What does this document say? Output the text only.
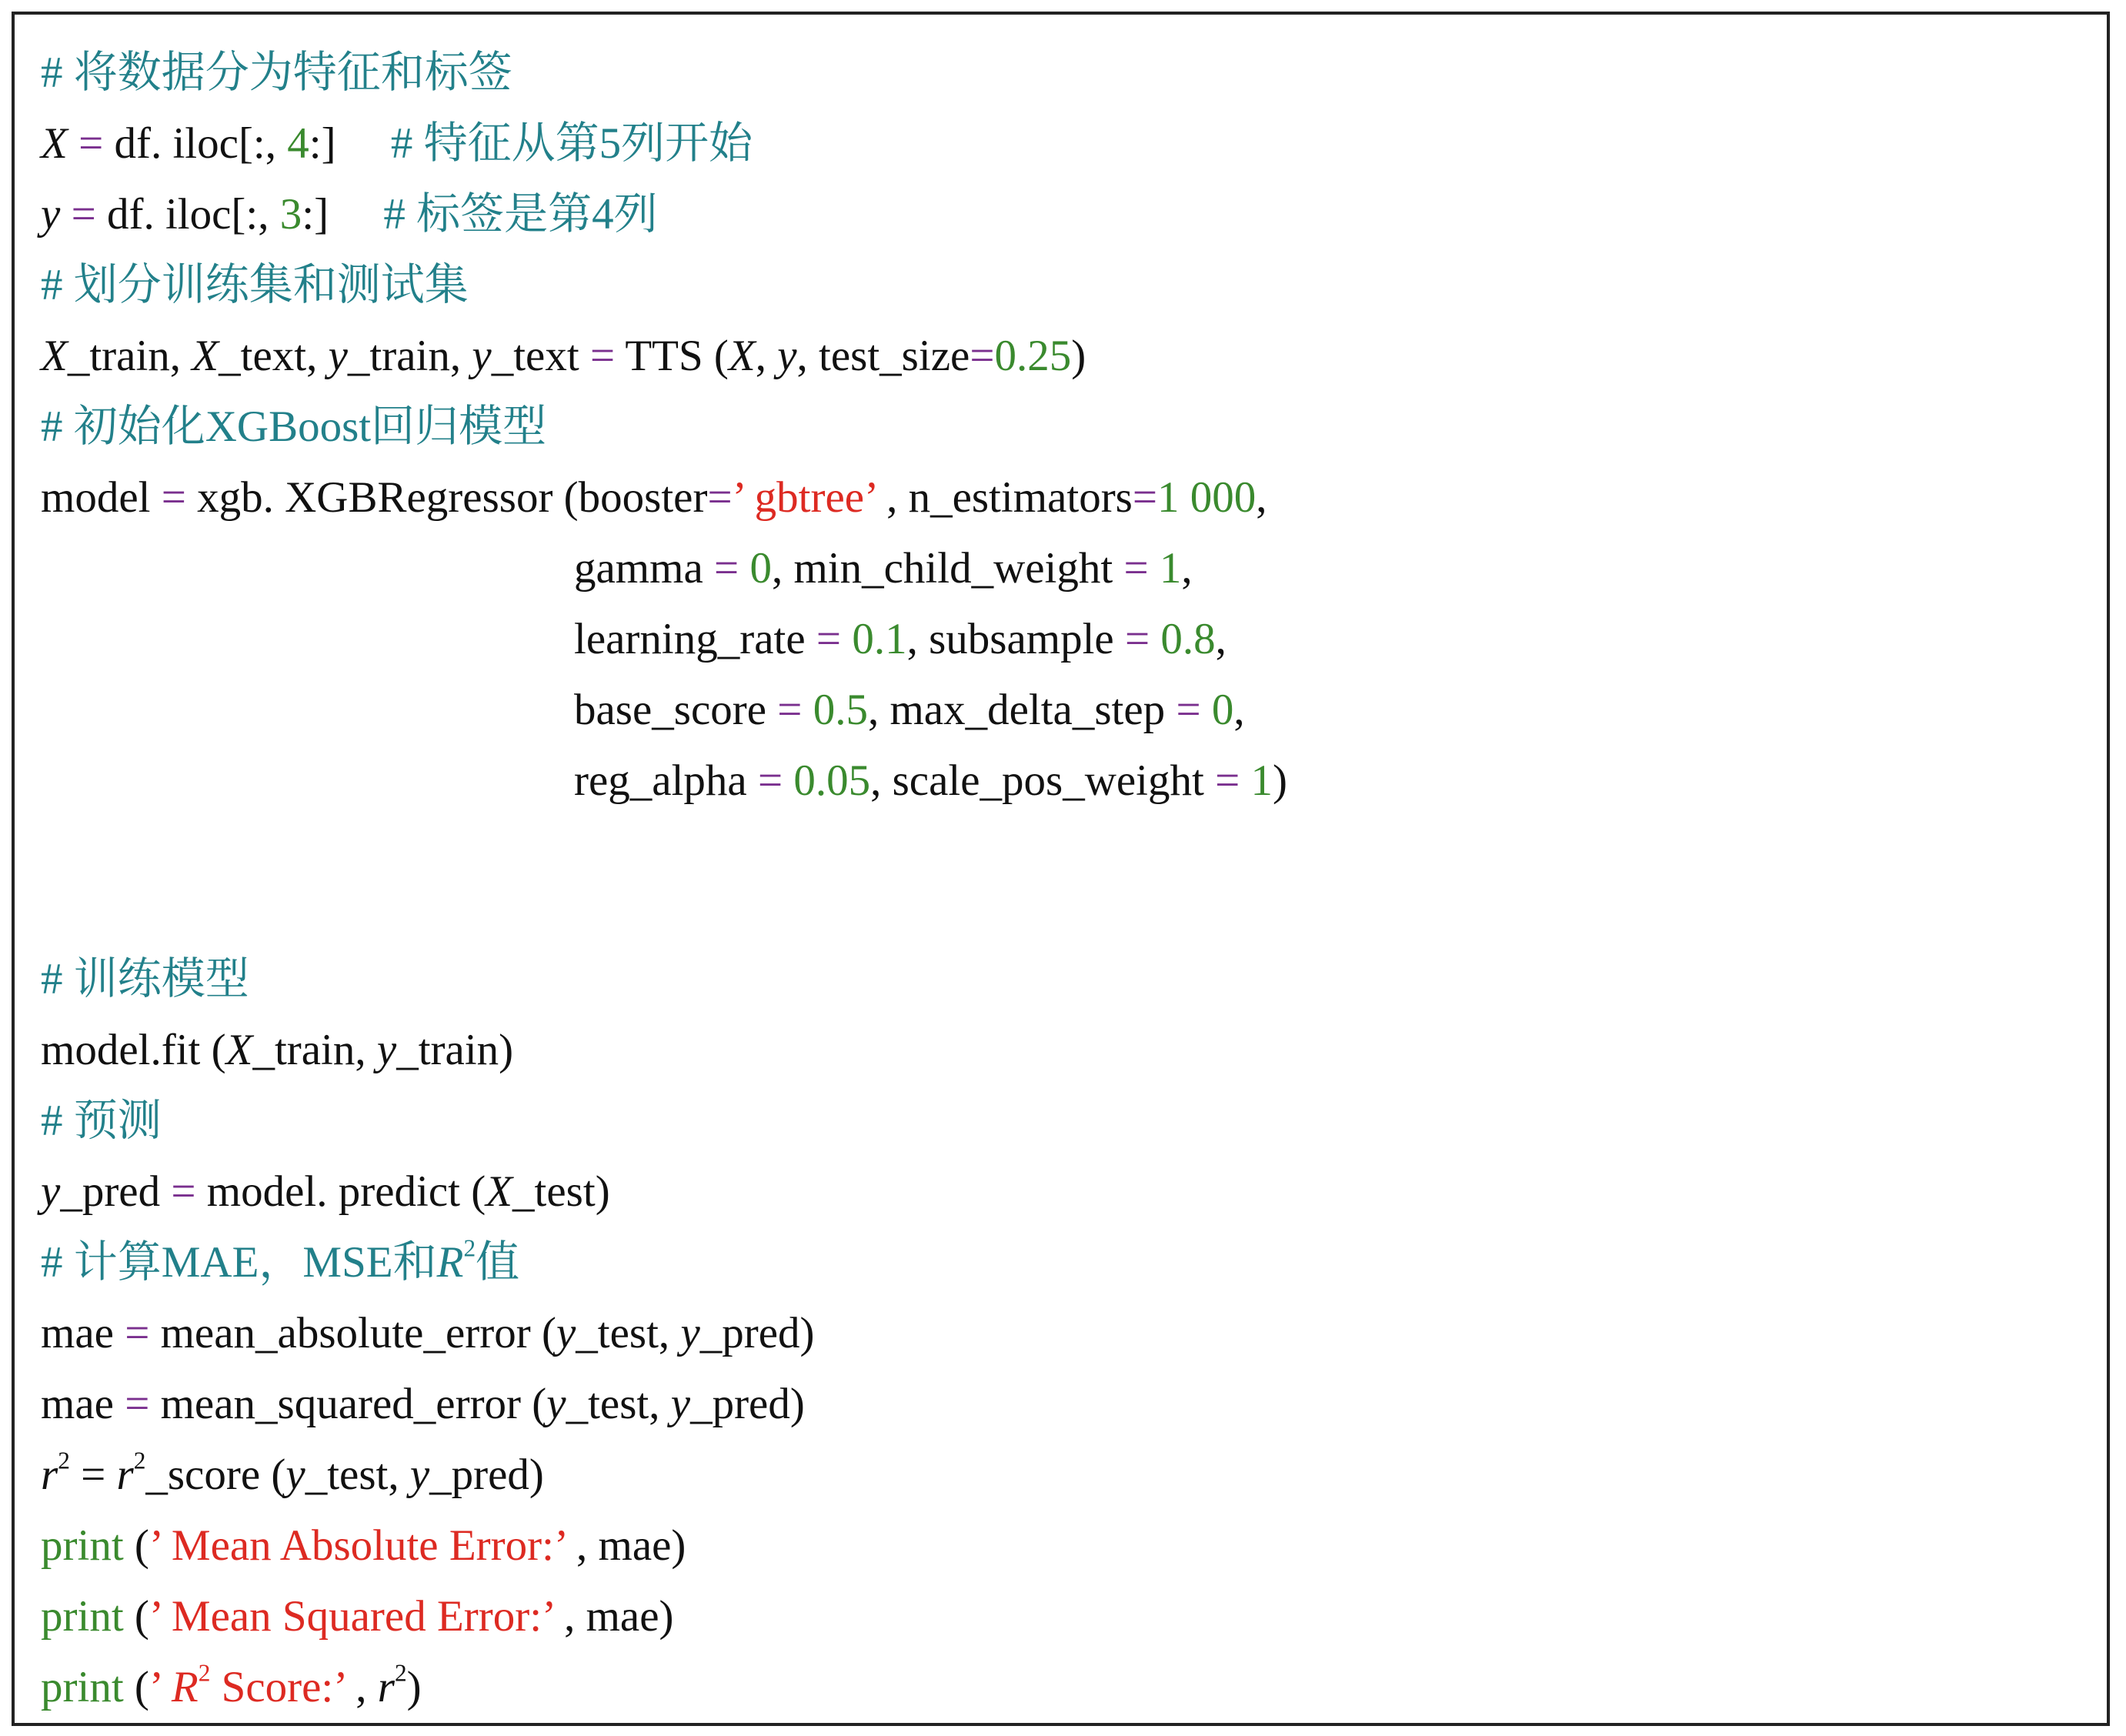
# 将数据分为特征和标签
X = df. iloc[:, 4:] # 特征从第5列开始
y = df. iloc[:, 3:] # 标签是第4列
# 划分训练集和测试集
X_train, X_text, y_train, y_text = TTS (X, y, test_size=0.25)
# 初始化XGBoost回归模型
model = xgb. XGBRegressor (booster=’ gbtree’ , n_estimators=1 000,
gamma = 0, min_child_weight = 1,
learning_rate = 0.1, subsample = 0.8,
base_score = 0.5, max_delta_step = 0,
reg_alpha = 0.05, scale_pos_weight = 1)
# 训练模型
model.fit (X_train, y_train)
# 预测
y_pred = model. predict (X_test)
# 计算MAE，MSE和$R^2$值
mae = mean_absolute_error (y_test, y_pred)
mae = mean_squared_error (y_test, y_pred)
$r^2$ = $r^2\_score$ (y_test, y_pred)
print (’ Mean Absolute Error:’ , mae)
print (’ Mean Squared Error:’ , mae)
print (’ $R^2$ Score:’ , $r^2$)
